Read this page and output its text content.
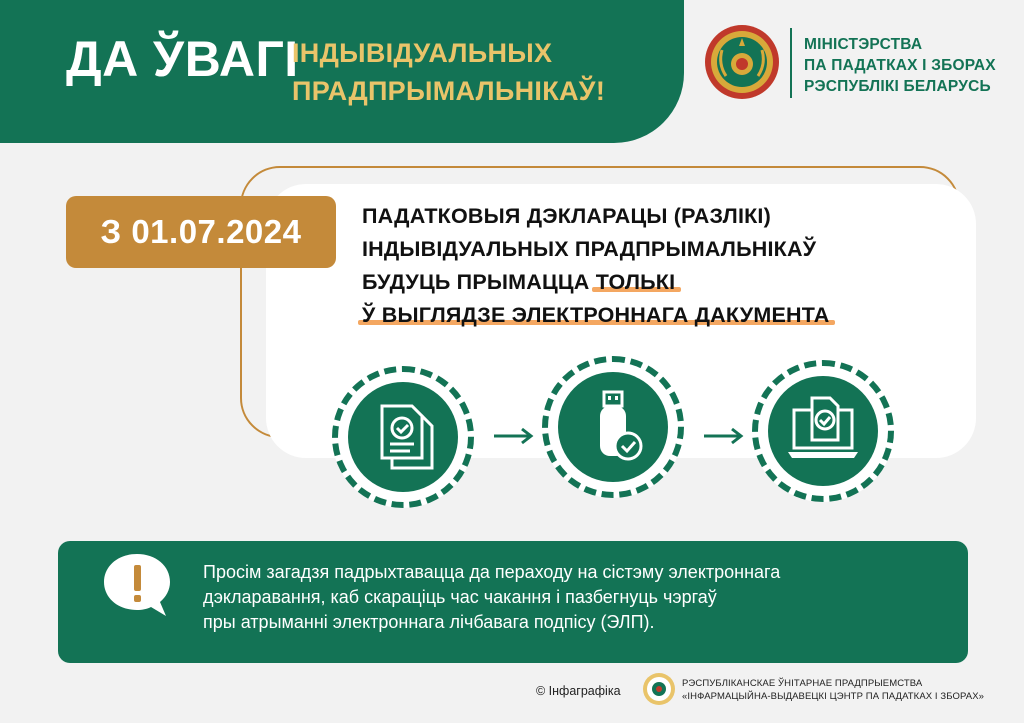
ДА ЎВАГІ
ІНДЫВІДУАЛЬНЫХ
ПРАДПРЫМАЛЬНІКАЎ!
МІНІСТЭРСТВА
ПА ПАДАТКАХ І ЗБОРАХ
РЭСПУБЛІКІ БЕЛАРУСЬ
З 01.07.2024	ПАДАТКОВЫЯ ДЭКЛАРАЦЫ (РАЗЛІКІ)
ІНДЫВІДУАЛЬНЫХ ПРАДПРЫМАЛЬНІКАЎ
БУДУЦЬ ПРЫМАЦЦА ТОЛЬКІ
Ў ВЫГЛЯДЗЕ ЭЛЕКТРОННАГА ДАКУМЕНТА
Просім загадзя падрыхтавацца да пераходу на сістэму электроннага
дэкларавання, каб скараціць час чакання і пазбегнуць чэргаў
пры атрыманні электроннага лічбавага подпісу (ЭЛП).
© Інфаграфіка
РЭСПУБЛІКАНСКАЕ ЎНІТАРНАЕ ПРАДПРЫЕМСТВА
«ІНФАРМАЦЫЙНА-ВЫДАВЕЦКІ ЦЭНТР ПА ПАДАТКАХ І ЗБОРАХ»
